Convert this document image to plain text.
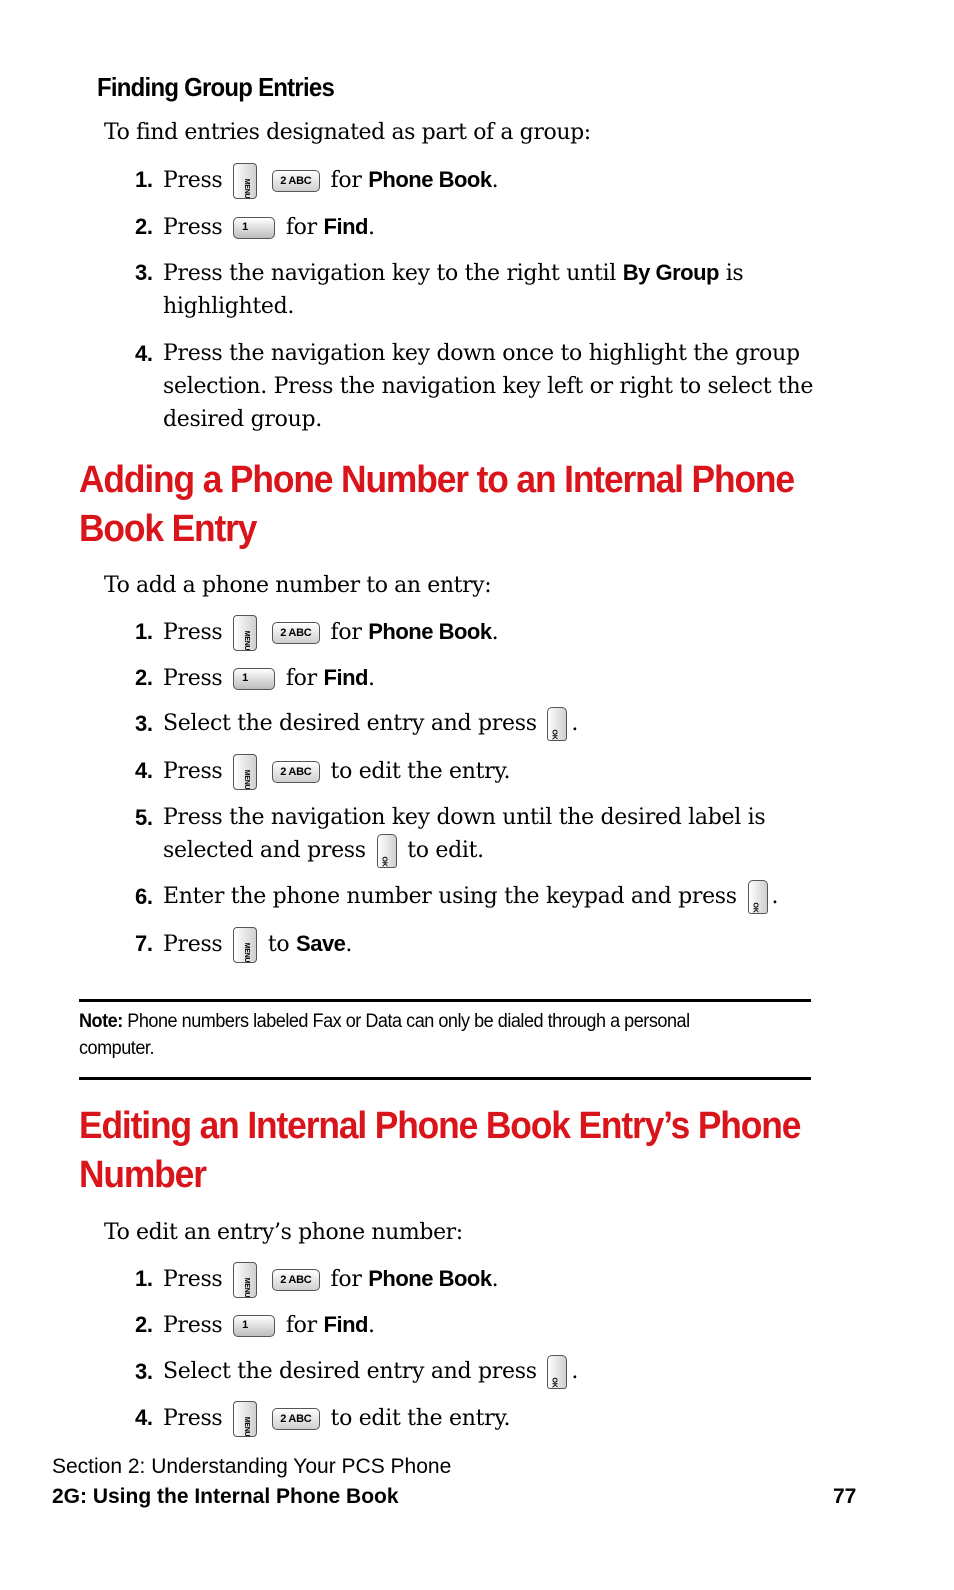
Finding Group Entries
To find entries designated as part of a group:
1. Press	MENU	2 ABC for Phone Book.
2. Press 1 for Find.
3. Press the navigation key to the right until By Group is highlighted.
4. Press the navigation key down once to highlight the group selection. Press the navigation key left or right to select the desired group.
Adding a Phone Number to an Internal Phone Book Entry
To add a phone number to an entry:
1. Press	MENU	2 ABC for Phone Book.
2. Press 1 for Find.
3. Select the desired entry and press	OK .
4. Press	MENU	2 ABC to edit the entry.
5. Press the navigation key down until the desired label is selected and press	OK to edit.
6. Enter the phone number using the keypad and press	OK .
7. Press	MENU to Save.
Note: Phone numbers labeled Fax or Data can only be dialed through a personal computer.
Editing an Internal Phone Book Entry’s Phone Number
To edit an entry’s phone number:
1. Press	MENU	2 ABC for Phone Book.
2. Press 1 for Find.
3. Select the desired entry and press	OK .
4. Press	MENU	2 ABC to edit the entry.
Section 2: Understanding Your PCS Phone
2G: Using the Internal Phone Book	77
